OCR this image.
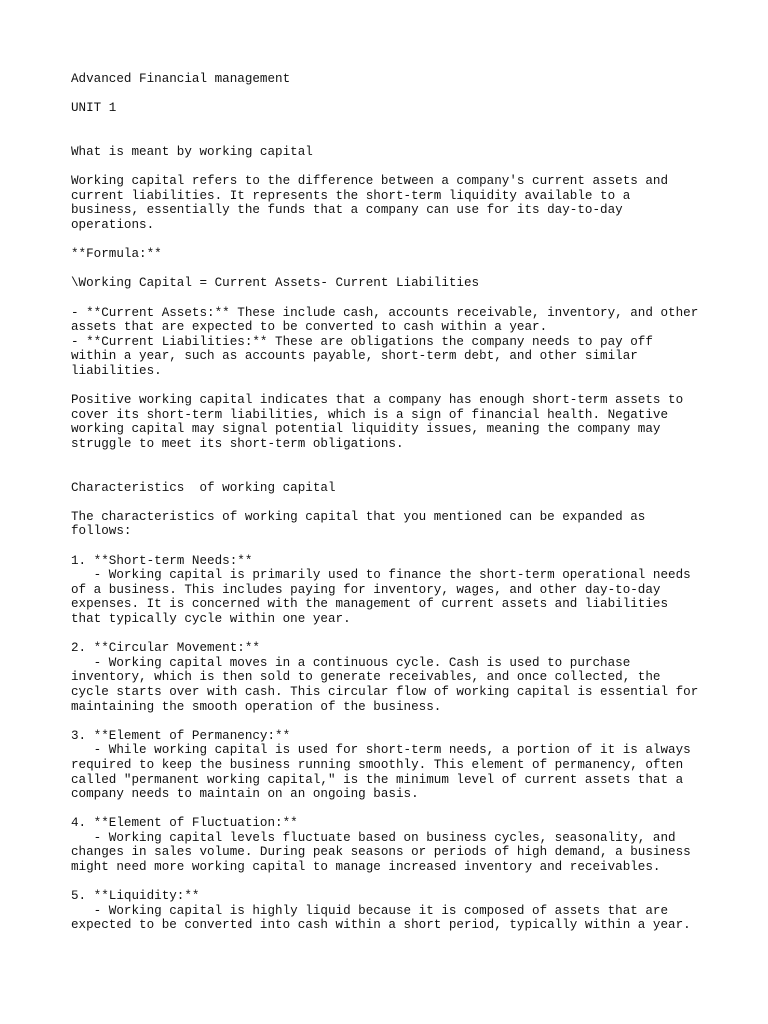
Advanced Financial management
UNIT 1
What is meant by working capital
Working capital refers to the difference between a company's current assets and
current liabilities. It represents the short-term liquidity available to a
business, essentially the funds that a company can use for its day-to-day
operations.
**Formula:**
\Working Capital = Current Assets- Current Liabilities
- **Current Assets:** These include cash, accounts receivable, inventory, and other
assets that are expected to be converted to cash within a year.
- **Current Liabilities:** These are obligations the company needs to pay off
within a year, such as accounts payable, short-term debt, and other similar
liabilities.
Positive working capital indicates that a company has enough short-term assets to
cover its short-term liabilities, which is a sign of financial health. Negative
working capital may signal potential liquidity issues, meaning the company may
struggle to meet its short-term obligations.
Characteristics  of working capital
The characteristics of working capital that you mentioned can be expanded as
follows:
1. **Short-term Needs:**
- Working capital is primarily used to finance the short-term operational needs
of a business. This includes paying for inventory, wages, and other day-to-day
expenses. It is concerned with the management of current assets and liabilities
that typically cycle within one year.
2. **Circular Movement:**
- Working capital moves in a continuous cycle. Cash is used to purchase
inventory, which is then sold to generate receivables, and once collected, the
cycle starts over with cash. This circular flow of working capital is essential for
maintaining the smooth operation of the business.
3. **Element of Permanency:**
- While working capital is used for short-term needs, a portion of it is always
required to keep the business running smoothly. This element of permanency, often
called "permanent working capital," is the minimum level of current assets that a
company needs to maintain on an ongoing basis.
4. **Element of Fluctuation:**
- Working capital levels fluctuate based on business cycles, seasonality, and
changes in sales volume. During peak seasons or periods of high demand, a business
might need more working capital to manage increased inventory and receivables.
5. **Liquidity:**
- Working capital is highly liquid because it is composed of assets that are
expected to be converted into cash within a short period, typically within a year.
